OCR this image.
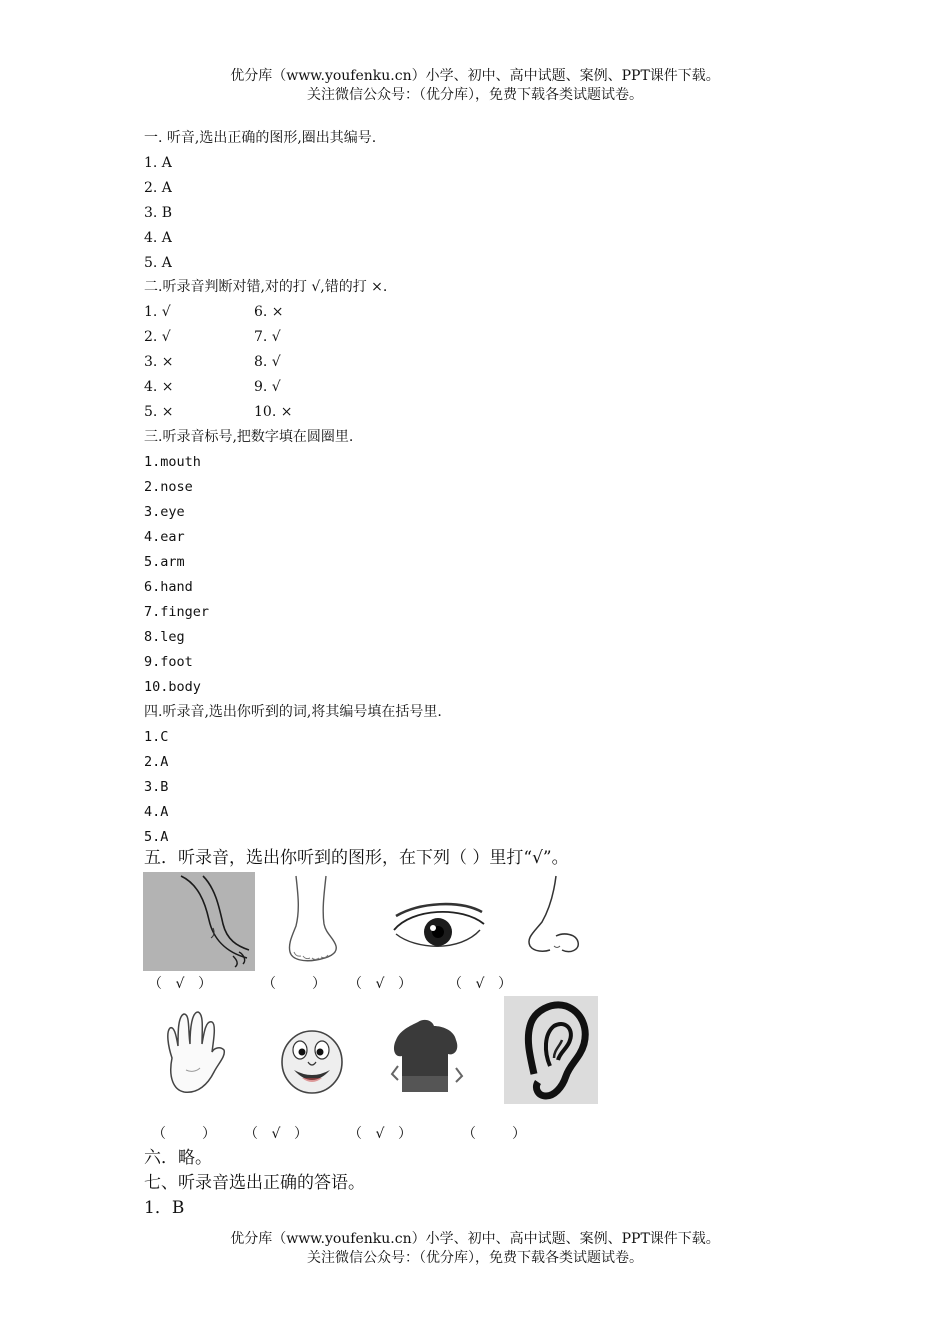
优分库（www.youfenku.cn）小学、初中、高中试题、案例、PPT课件下载。
关注微信公众号：（优分库），免费下载各类试题试卷。
一. 听音,选出正确的图形,圈出其编号.
1. A
2. A
3. B
4. A
5. A
二.听录音判断对错,对的打 √,错的打 ×.
1. √
2. √
3. ×
4. ×
5. ×
6. ×
7. √
8. √
9. √
10. ×
三.听录音标号,把数字填在圆圈里.
1.mouth
2.nose
3.eye
4.ear
5.arm
6.hand
7.finger
8.leg
9.foot
10.body
四.听录音,选出你听到的词,将其编号填在括号里.
1.C
2.A
3.B
4.A
5.A
五．听录音，选出你听到的图形，在下列（ ）里打“√”。
（ √ ）	（	） （ √ ）	（ √ ）
（	） （ √ ）	（ √ ）	（	）
六．略。
七、听录音选出正确的答语。
1．B
优分库（www.youfenku.cn）小学、初中、高中试题、案例、PPT课件下载。
关注微信公众号：（优分库），免费下载各类试题试卷。
